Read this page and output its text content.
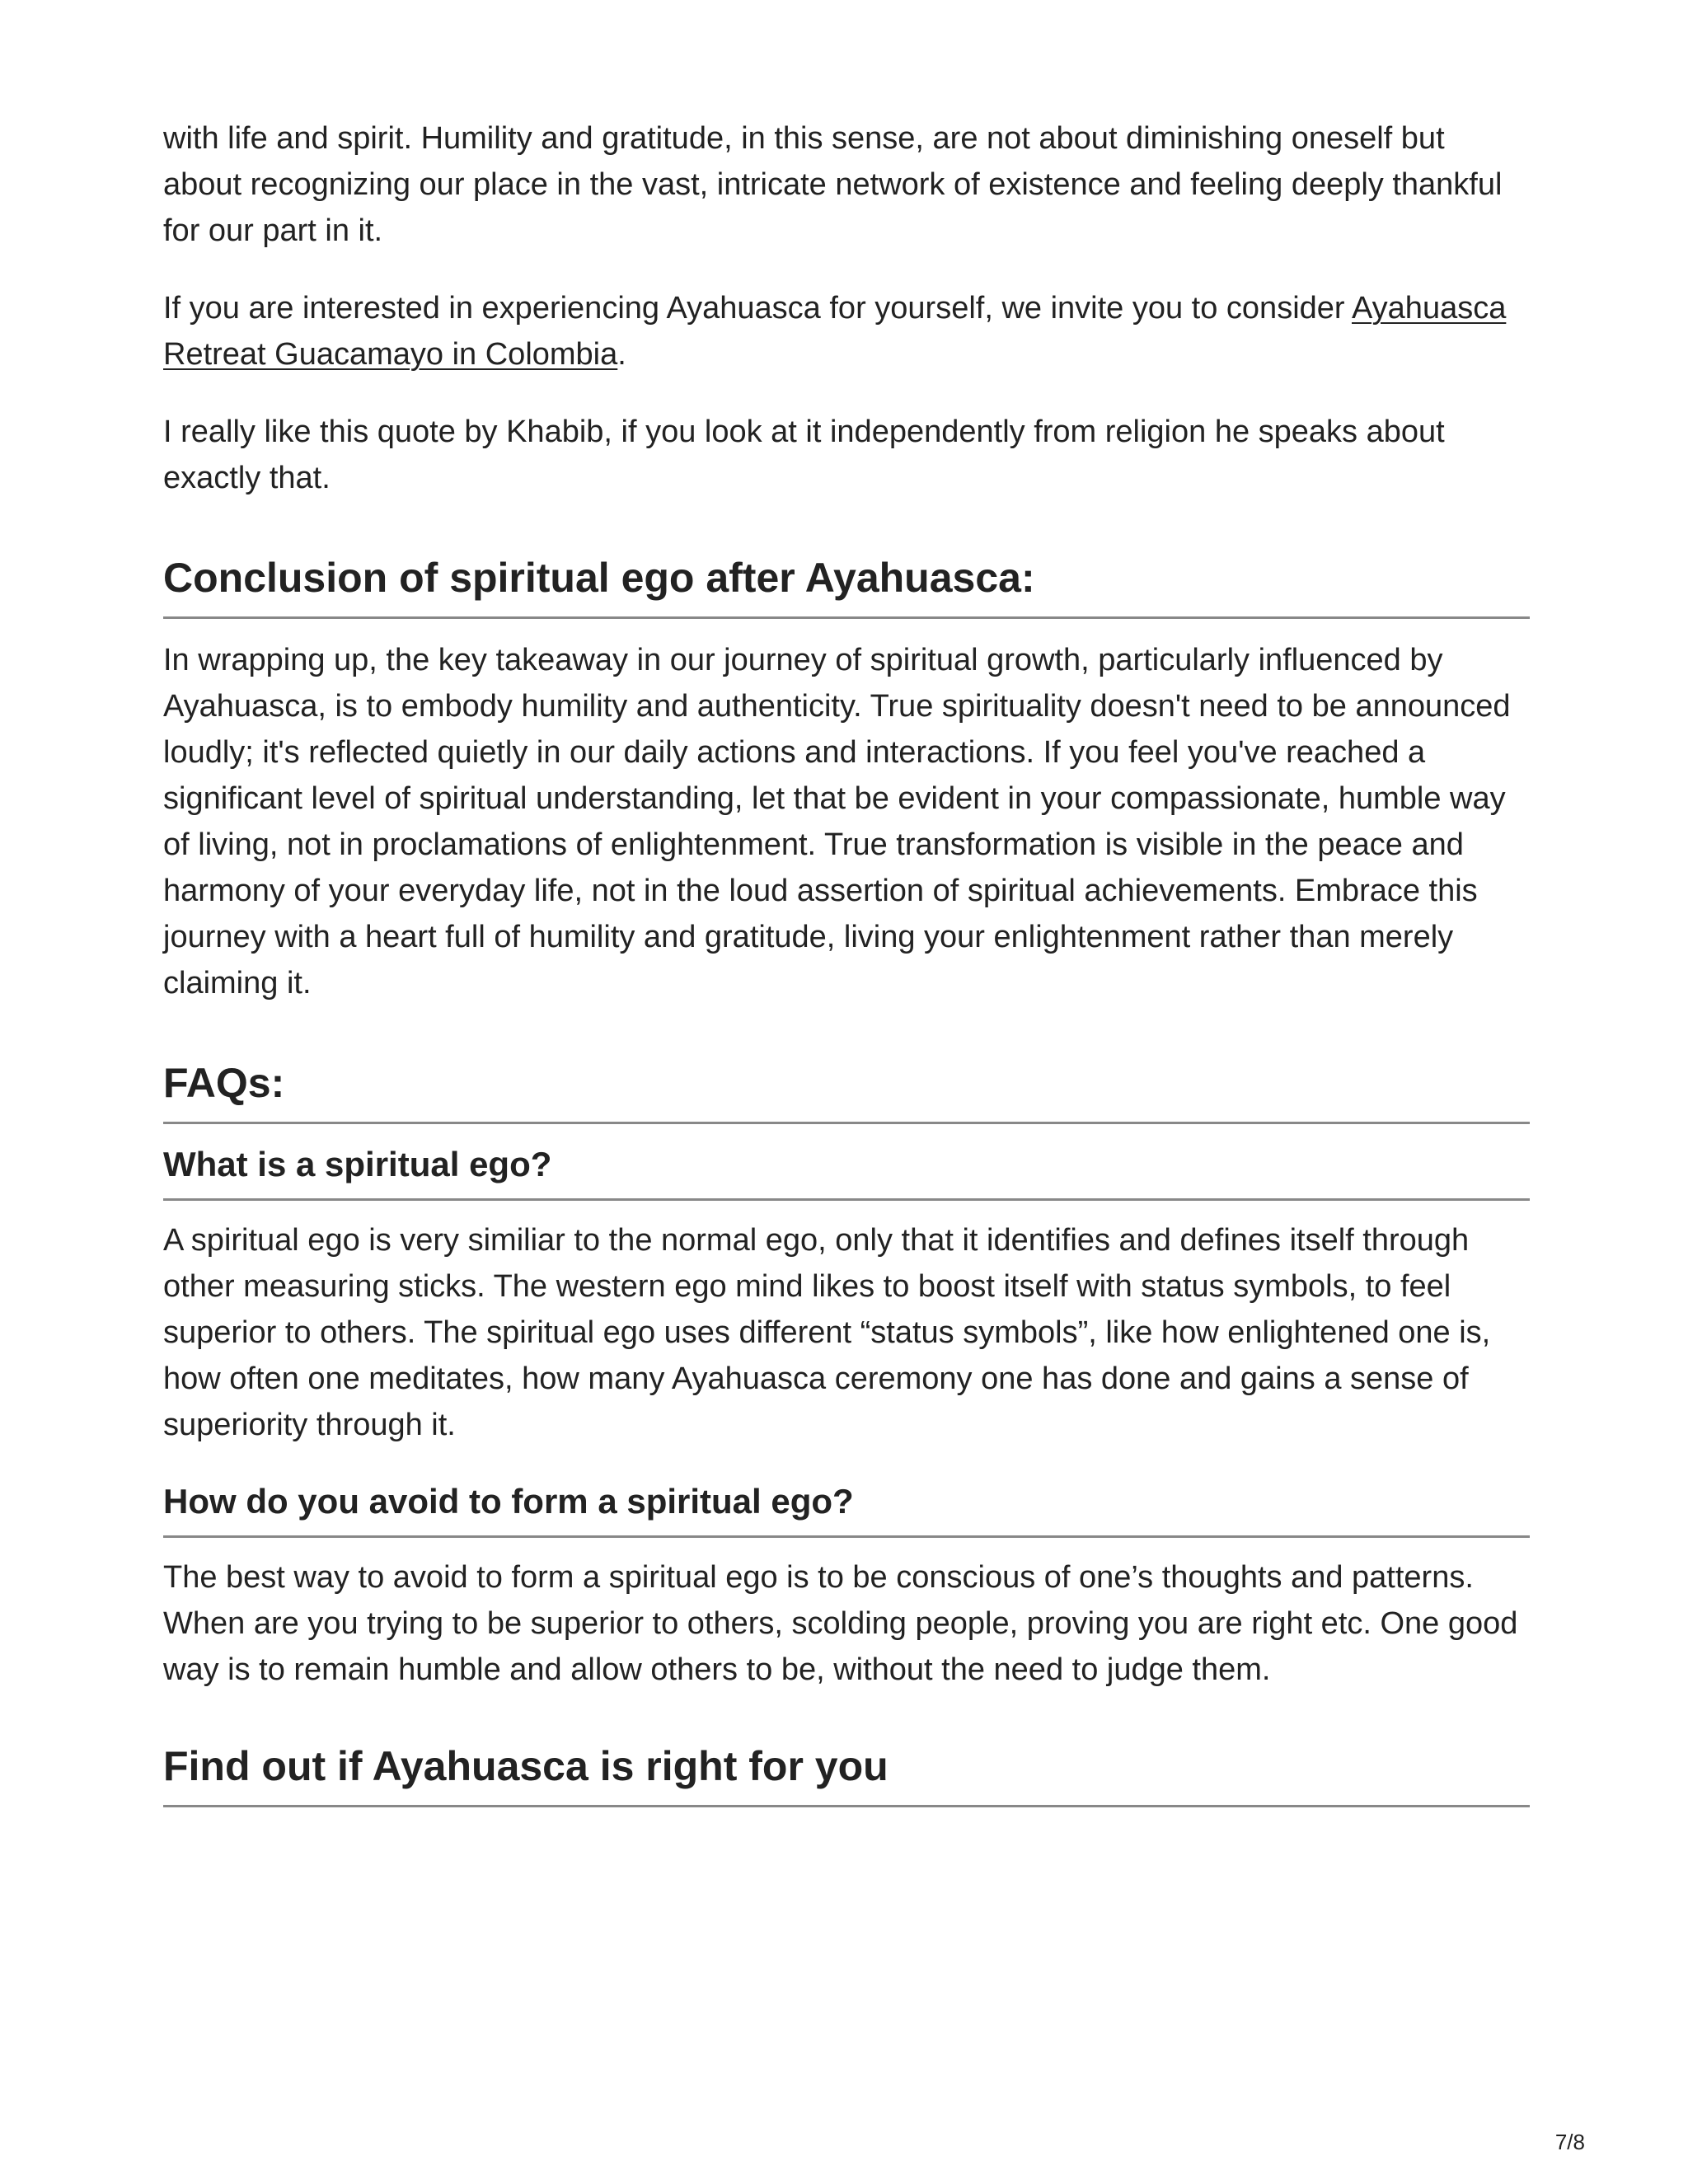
with life and spirit. Humility and gratitude, in this sense, are not about diminishing oneself but about recognizing our place in the vast, intricate network of existence and feeling deeply thankful for our part in it.

If you are interested in experiencing Ayahuasca for yourself, we invite you to consider Ayahuasca Retreat Guacamayo in Colombia.

I really like this quote by Khabib, if you look at it independently from religion he speaks about exactly that.

Conclusion of spiritual ego after Ayahuasca:

In wrapping up, the key takeaway in our journey of spiritual growth, particularly influenced by Ayahuasca, is to embody humility and authenticity. True spirituality doesn't need to be announced loudly; it's reflected quietly in our daily actions and interactions. If you feel you've reached a significant level of spiritual understanding, let that be evident in your compassionate, humble way of living, not in proclamations of enlightenment. True transformation is visible in the peace and harmony of your everyday life, not in the loud assertion of spiritual achievements. Embrace this journey with a heart full of humility and gratitude, living your enlightenment rather than merely claiming it.

FAQs:
What is a spiritual ego?

A spiritual ego is very similiar to the normal ego, only that it identifies and defines itself through other measuring sticks. The western ego mind likes to boost itself with status symbols, to feel superior to others. The spiritual ego uses different “status symbols”, like how enlightened one is, how often one meditates, how many Ayahuasca ceremony one has done and gains a sense of superiority through it.

How do you avoid to form a spiritual ego?

The best way to avoid to form a spiritual ego is to be conscious of one’s thoughts and patterns. When are you trying to be superior to others, scolding people, proving you are right etc. One good way is to remain humble and allow others to be, without the need to judge them.

Find out if Ayahuasca is right for you
7/8
